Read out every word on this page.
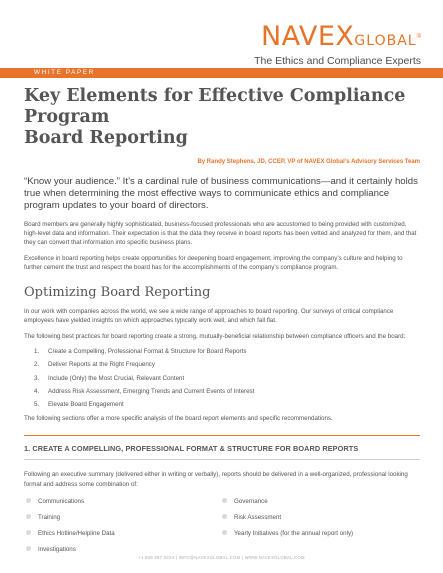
NAVEXGLOBAL®
The Ethics and Compliance Experts
WHITE PAPER
Key Elements for Effective Compliance Program
Board Reporting
By Randy Stephens, JD, CCEP, VP of NAVEX Global’s Advisory Services Team
“Know your audience.” It’s a cardinal rule of business communications—and it certainly holds true when determining the most effective ways to communicate ethics and compliance program updates to your board of directors.
Board members are generally highly sophisticated, business-focused professionals who are accustomed to being provided with customized, high-level data and information. Their expectation is that the data they receive in board reports has been vetted and analyzed for them, and that they can convert that information into specific business plans.
Excellence in board reporting helps create opportunities for deepening board engagement, improving the company’s culture and helping to further cement the trust and respect the board has for the accomplishments of the company’s compliance program.
Optimizing Board Reporting
In our work with companies across the world, we see a wide range of approaches to board reporting. Our surveys of critical compliance employees have yielded insights on which approaches typically work well, and which fall flat.
The following best practices for board reporting create a strong, mutually-beneficial relationship between compliance officers and the board:
1. Create a Compelling, Professional Format & Structure for Board Reports
2. Deliver Reports at the Right Frequency
3. Include (Only) the Most Crucial, Relevant Content
4. Address Risk Assessment, Emerging Trends and Current Events of Interest
5. Elevate Board Engagement
The following sections offer a more specific analysis of the board report elements and specific recommendations.
1. CREATE A COMPELLING, PROFESSIONAL FORMAT & STRUCTURE FOR BOARD REPORTS
Following an executive summary (delivered either in writing or verbally), reports should be delivered in a well-organized, professional looking format and address some combination of:
Communications
Training
Ethics Hotline/Helpline Data
Investigations
Governance
Risk Assessment
Yearly Initiatives (for the annual report only)
+1 866 297 0224 | INFO@NAVEXGLOBAL.COM | WWW.NAVEXGLOBAL.COM
